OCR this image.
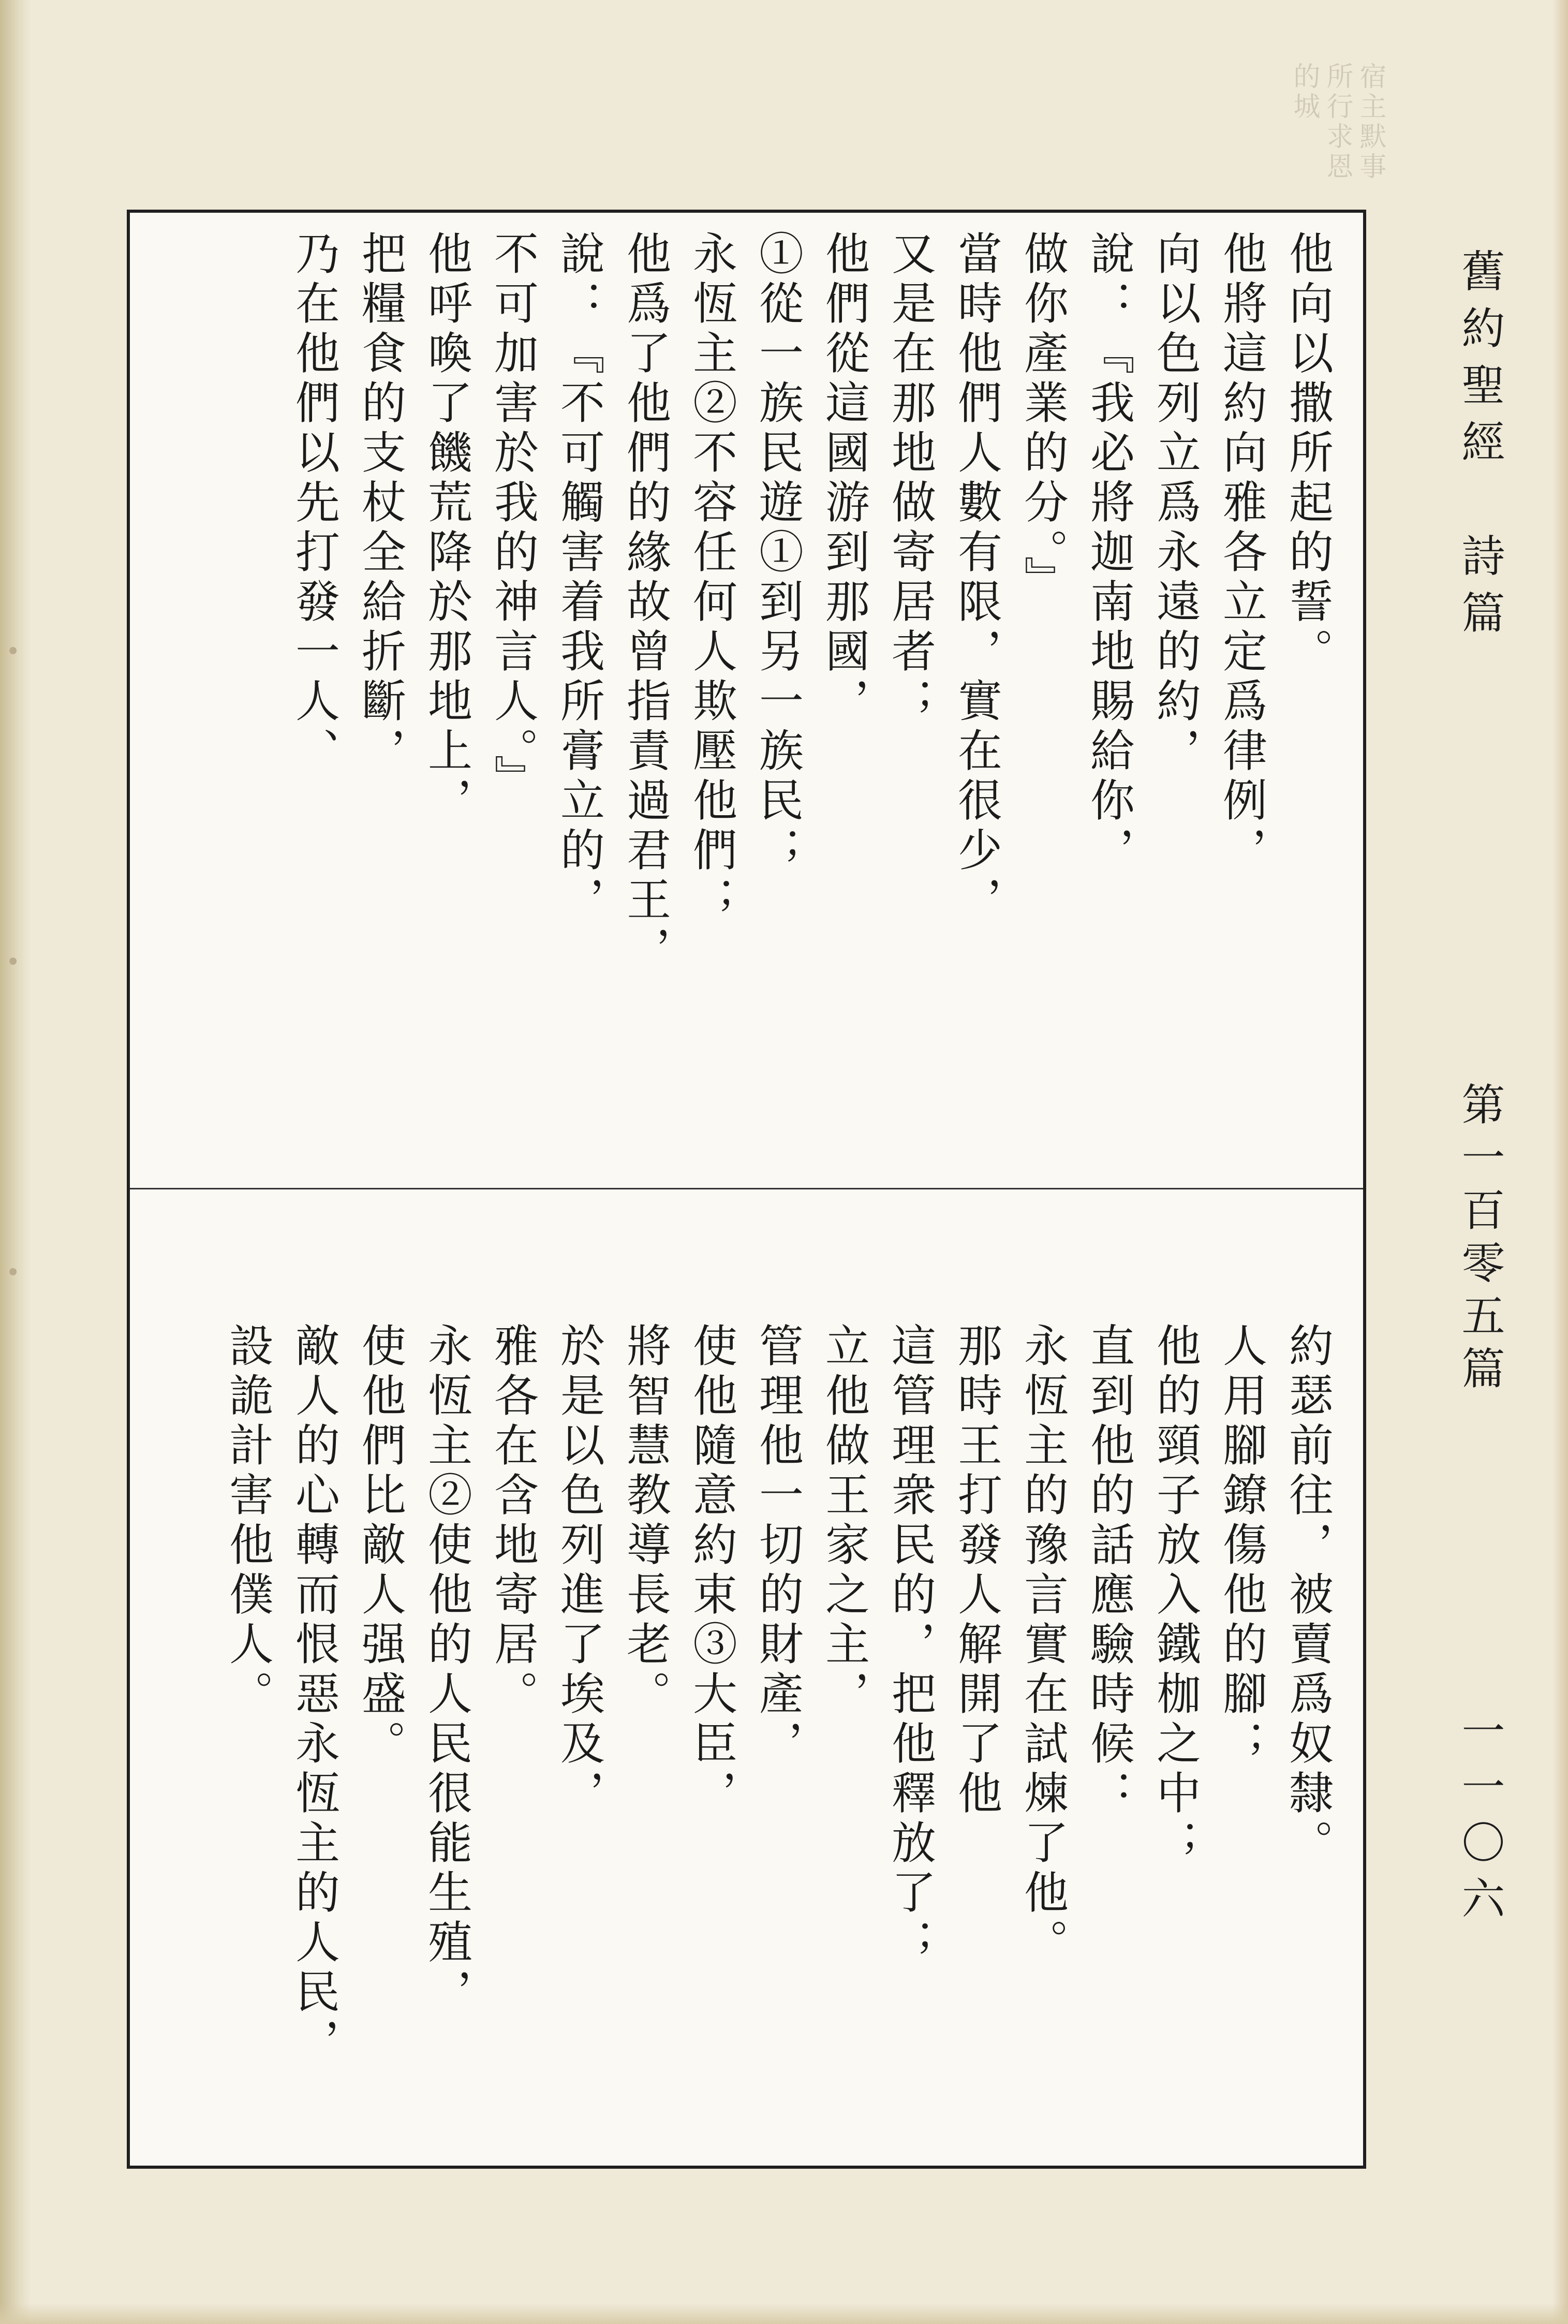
宿主默事所行求恩的城
舊約聖經　詩篇
第一百零五篇
一一〇六
他向以撒所起的誓。
他將這約向雅各立定爲律例，
向以色列立爲永遠的約，
說：『我必將迦南地賜給你，
做你產業的分。』
當時他們人數有限，實在很少，
又是在那地做寄居者；
他們從這國游到那國，
①從一族民遊①到另一族民；
永恆主②不容任何人欺壓他們；
他爲了他們的緣故曾指責過君王，
說：『不可觸害着我所膏立的，
不可加害於我的神言人。』
他呼喚了饑荒降於那地上，
把糧食的支杖全給折斷，
乃在他們以先打發一人、
約瑟前往，被賣爲奴隸。
人用腳鐐傷他的腳；
他的頸子放入鐵枷之中；
直到他的話應驗時候：
永恆主的豫言實在試煉了他。
那時王打發人解開了他
這管理衆民的，把他釋放了；
立他做王家之主，
管理他一切的財產，
使他隨意約束③大臣，
將智慧教導長老。
於是以色列進了埃及，
雅各在含地寄居。
永恆主②使他的人民很能生殖，
使他們比敵人强盛。
敵人的心轉而恨惡永恆主的人民，
設詭計害他僕人。
